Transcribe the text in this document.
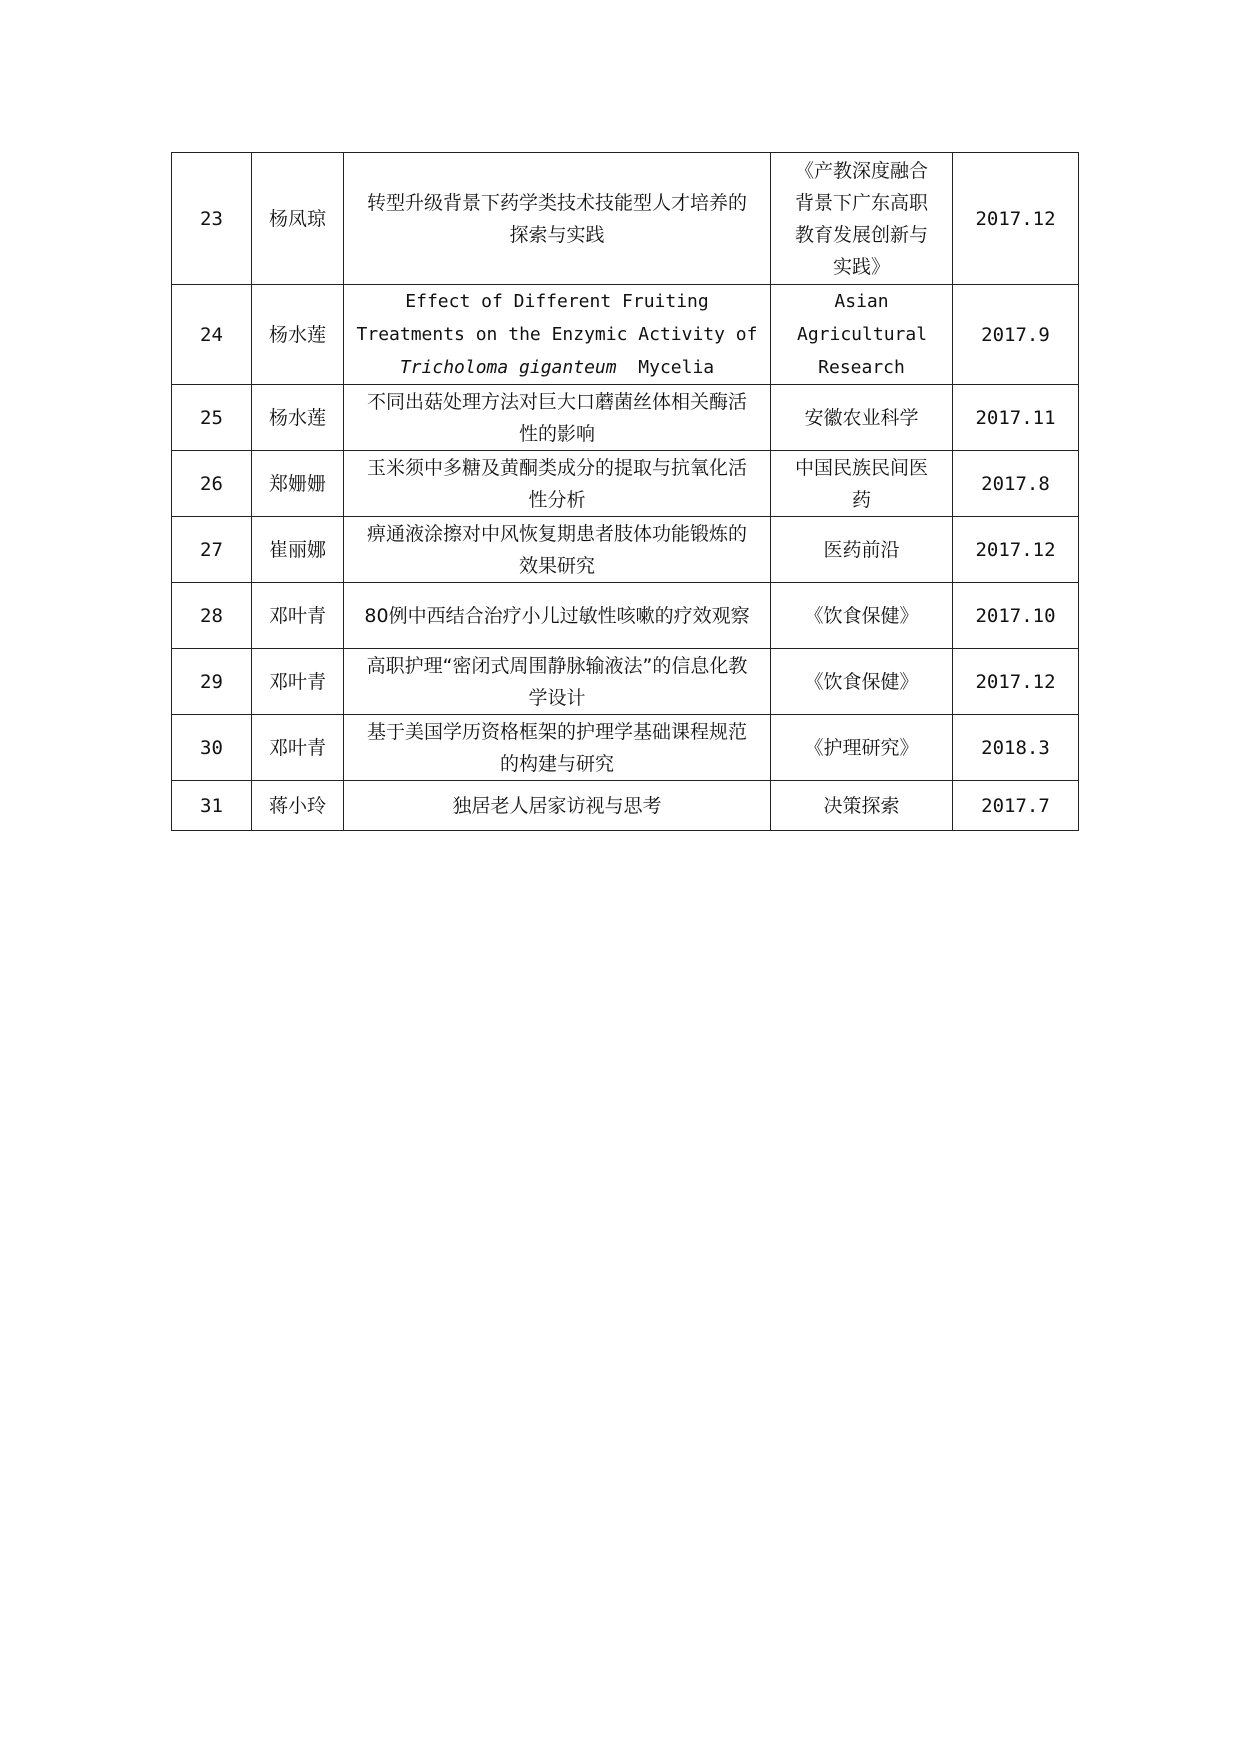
23	杨凤琼	转型升级背景下药学类技术技能型人才培养的探索与实践	《产教深度融合背景下广东高职教育发展创新与实践》	2017.12
24	杨水莲	Effect of Different Fruiting Treatments on the Enzymic Activity of Tricholoma giganteum Mycelia	Asian Agricultural Research	2017.9
25	杨水莲	不同出菇处理方法对巨大口蘑菌丝体相关酶活性的影响	安徽农业科学	2017.11
26	郑姗姗	玉米须中多糖及黄酮类成分的提取与抗氧化活性分析	中国民族民间医药	2017.8
27	崔丽娜	痹通液涂擦对中风恢复期患者肢体功能锻炼的效果研究	医药前沿	2017.12
28	邓叶青	80例中西结合治疗小儿过敏性咳嗽的疗效观察	《饮食保健》	2017.10
29	邓叶青	高职护理“密闭式周围静脉输液法”的信息化教学设计	《饮食保健》	2017.12
30	邓叶青	基于美国学历资格框架的护理学基础课程规范的构建与研究	《护理研究》	2018.3
31	蒋小玲	独居老人居家访视与思考	决策探索	2017.7
